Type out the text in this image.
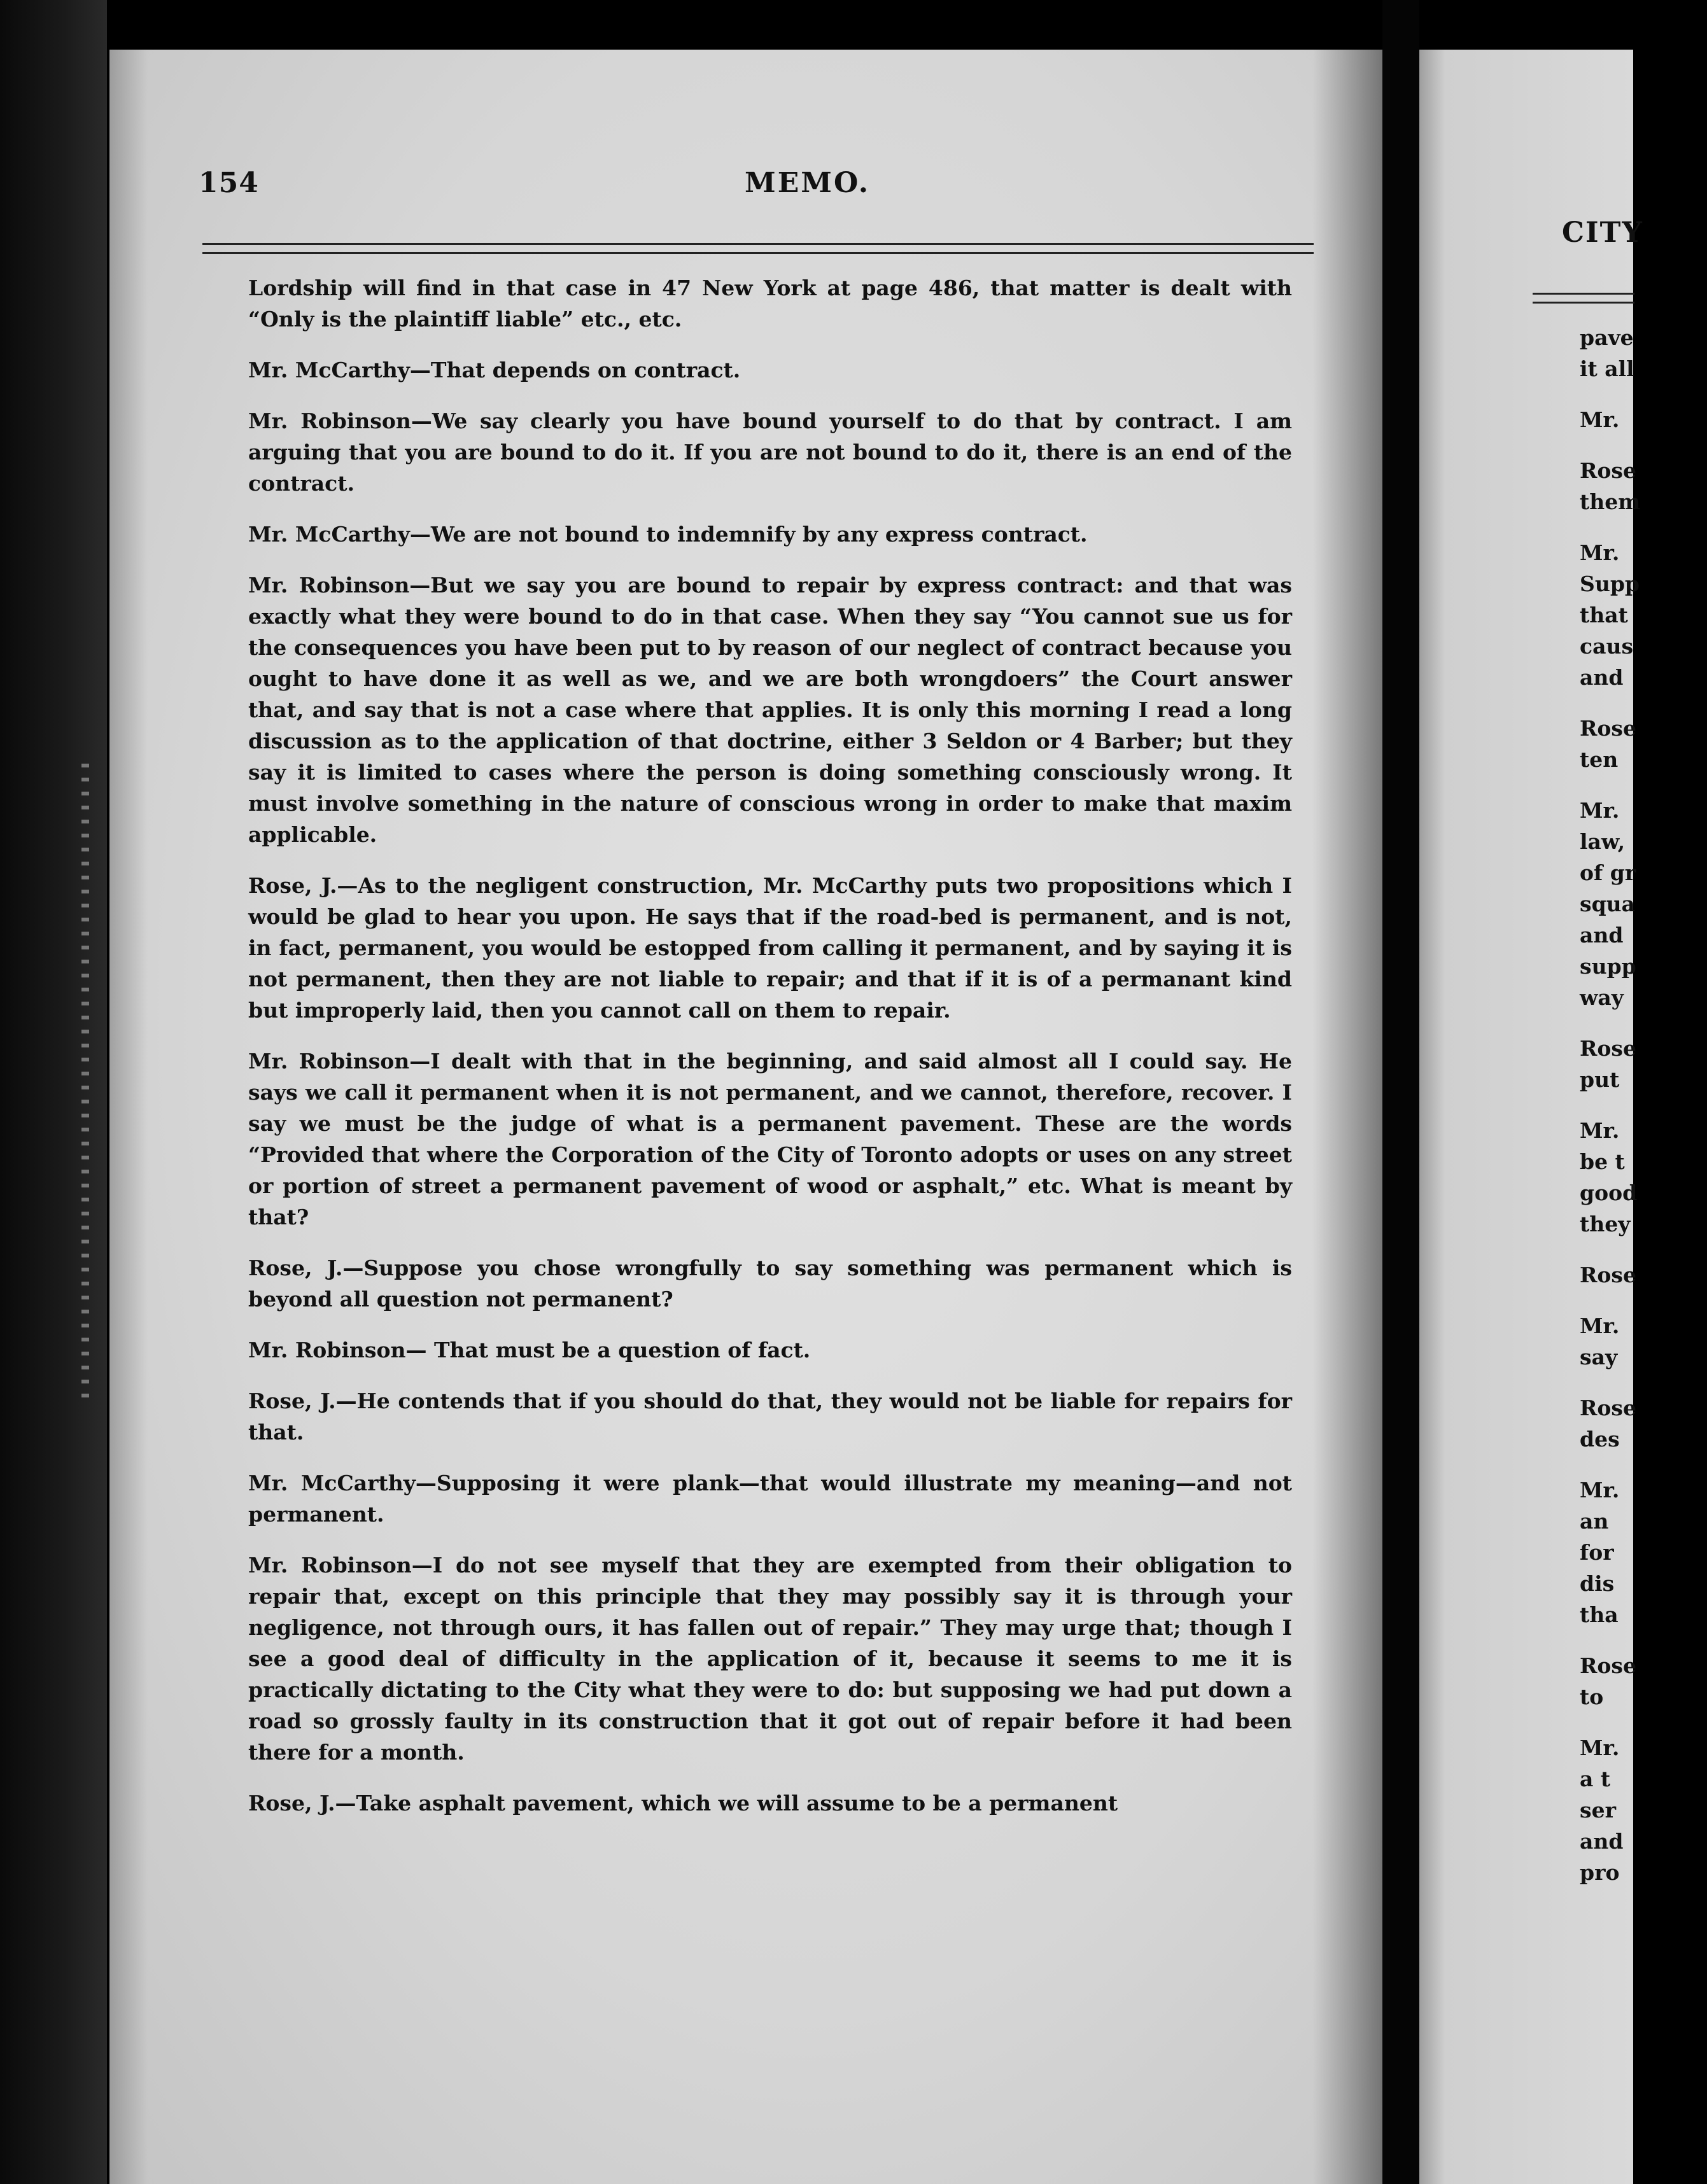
154	MEMO.

Lordship will find in that case in 47 New York at page 486, that matter is dealt with “Only is the plaintiff liable” etc., etc.

Mr. McCarthy—That depends on contract.

Mr. Robinson—We say clearly you have bound yourself to do that by contract. I am arguing that you are bound to do it. If you are not bound to do it, there is an end of the contract.

Mr. McCarthy—We are not bound to indemnify by any express contract.

Mr. Robinson—But we say you are bound to repair by express contract: and that was exactly what they were bound to do in that case. When they say “You cannot sue us for the consequences you have been put to by reason of our neglect of contract because you ought to have done it as well as we, and we are both wrongdoers” the Court answer that, and say that is not a case where that applies. It is only this morning I read a long discussion as to the application of that doctrine, either 3 Seldon or 4 Barber; but they say it is limited to cases where the person is doing something consciously wrong. It must involve something in the nature of conscious wrong in order to make that maxim applicable.

Rose, J.—As to the negligent construction, Mr. McCarthy puts two propositions which I would be glad to hear you upon. He says that if the road-bed is permanent, and is not, in fact, permanent, you would be estopped from calling it permanent, and by saying it is not permanent, then they are not liable to repair; and that if it is of a permanant kind but improperly laid, then you cannot call on them to repair.

Mr. Robinson—I dealt with that in the beginning, and said almost all I could say. He says we call it permanent when it is not permanent, and we cannot, therefore, recover. I say we must be the judge of what is a permanent pavement. These are the words “Provided that where the Corporation of the City of Toronto adopts or uses on any street or portion of street a permanent pavement of wood or asphalt,” etc. What is meant by that?

Rose, J.—Suppose you chose wrongfully to say something was permanent which is beyond all question not permanent?

Mr. Robinson— That must be a question of fact.

Rose, J.—He contends that if you should do that, they would not be liable for repairs for that.

Mr. McCarthy—Supposing it were plank—that would illustrate my meaning—and not permanent.

Mr. Robinson—I do not see myself that they are exempted from their obligation to repair that, except on this principle that they may possibly say it is through your negligence, not through ours, it has fallen out of repair.” They may urge that; though I see a good deal of difficulty in the application of it, because it seems to me it is practically dictating to the City what they were to do: but supposing we had put down a road so grossly faulty in its construction that it got out of repair before it had been there for a month.

Rose, J.—Take asphalt pavement, which we will assume to be a permanent

CITY
pave
it all
Mr.
Rose
them
Mr.
Supp
that
caus
and
Rose
ten
Mr.
law,
of gr
squa
and
supp
way
Rose
put
Mr.
be t
good
they
Rose
Mr.
say
Rose
des
Mr.
an
for
dis
tha
Rose
to
Mr.
a t
ser
and
pro
